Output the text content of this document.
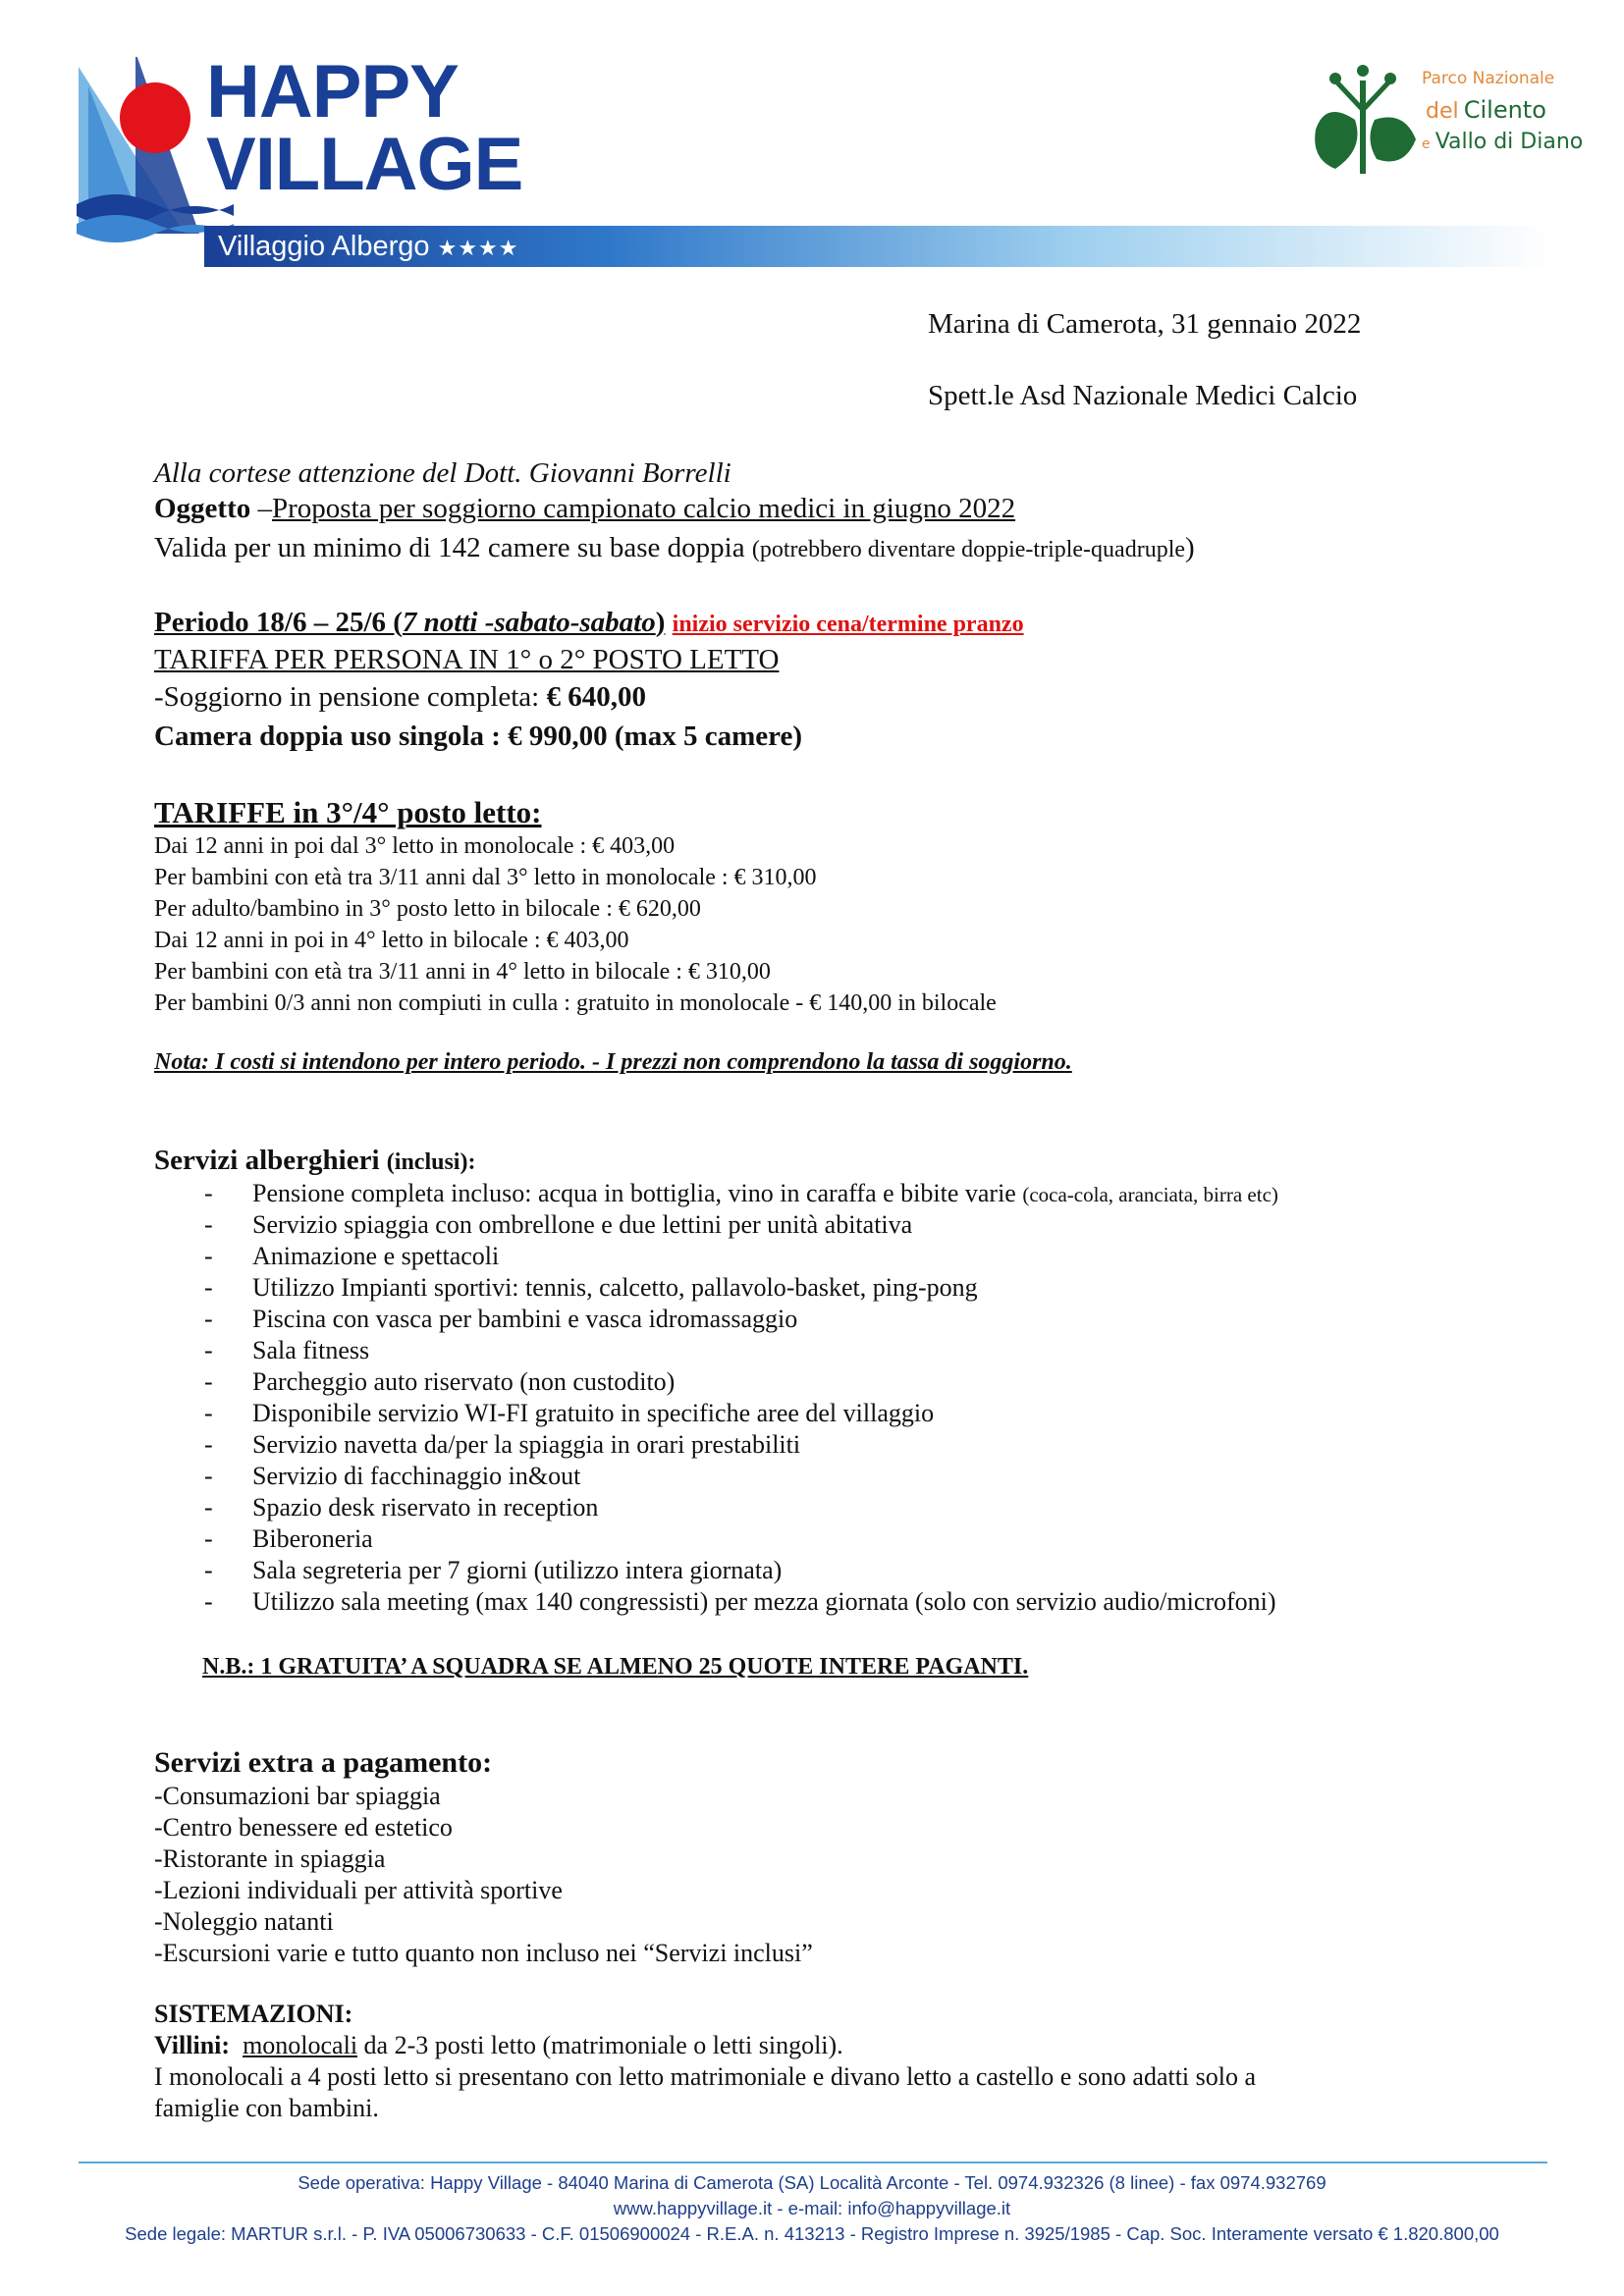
HAPPY
VILLAGE
Villaggio Albergo ★★★★
Parco Nazionale
del Cilento
e Vallo di Diano
Marina di Camerota, 31 gennaio 2022
Spett.le Asd Nazionale Medici Calcio
Alla cortese attenzione del Dott. Giovanni Borrelli
Oggetto –Proposta per soggiorno campionato calcio medici in giugno 2022
Valida per un minimo di 142 camere su base doppia (potrebbero diventare doppie-triple-quadruple)
Periodo 18/6 – 25/6 (7 notti -sabato-sabato) inizio servizio cena/termine pranzo
TARIFFA PER PERSONA IN 1° o 2° POSTO LETTO
-Soggiorno in pensione completa: € 640,00
Camera doppia uso singola : € 990,00 (max 5 camere)
TARIFFE in 3°/4° posto letto:
Dai 12 anni in poi dal 3° letto in monolocale : € 403,00
Per bambini con età tra 3/11 anni dal 3° letto in monolocale : € 310,00
Per adulto/bambino in 3° posto letto in bilocale : € 620,00
Dai 12 anni in poi in 4° letto in bilocale : € 403,00
Per bambini con età tra 3/11 anni in 4° letto in bilocale : € 310,00
Per bambini 0/3 anni non compiuti in culla : gratuito in monolocale - € 140,00 in bilocale
Nota: I costi si intendono per intero periodo. - I prezzi non comprendono la tassa di soggiorno.
Servizi alberghieri (inclusi):
- Pensione completa incluso: acqua in bottiglia, vino in caraffa e bibite varie (coca-cola, aranciata, birra etc)
- Servizio spiaggia con ombrellone e due lettini per unità abitativa
- Animazione e spettacoli
- Utilizzo Impianti sportivi: tennis, calcetto, pallavolo-basket, ping-pong
- Piscina con vasca per bambini e vasca idromassaggio
- Sala fitness
- Parcheggio auto riservato (non custodito)
- Disponibile servizio WI-FI gratuito in specifiche aree del villaggio
- Servizio navetta da/per la spiaggia in orari prestabiliti
- Servizio di facchinaggio in&out
- Spazio desk riservato in reception
- Biberoneria
- Sala segreteria per 7 giorni (utilizzo intera giornata)
- Utilizzo sala meeting (max 140 congressisti) per mezza giornata (solo con servizio audio/microfoni)
N.B.: 1 GRATUITA’ A SQUADRA SE ALMENO 25 QUOTE INTERE PAGANTI.
Servizi extra a pagamento:
-Consumazioni bar spiaggia
-Centro benessere ed estetico
-Ristorante in spiaggia
-Lezioni individuali per attività sportive
-Noleggio natanti
-Escursioni varie e tutto quanto non incluso nei “Servizi inclusi”
SISTEMAZIONI:
Villini: monolocali da 2-3 posti letto (matrimoniale o letti singoli).
I monolocali a 4 posti letto si presentano con letto matrimoniale e divano letto a castello e sono adatti solo a
famiglie con bambini.
Sede operativa: Happy Village - 84040 Marina di Camerota (SA) Località Arconte - Tel. 0974.932326 (8 linee) - fax 0974.932769
www.happyvillage.it - e-mail: info@happyvillage.it
Sede legale: MARTUR s.r.l. - P. IVA 05006730633 - C.F. 01506900024 - R.E.A. n. 413213 - Registro Imprese n. 3925/1985 - Cap. Soc. Interamente versato € 1.820.800,00
